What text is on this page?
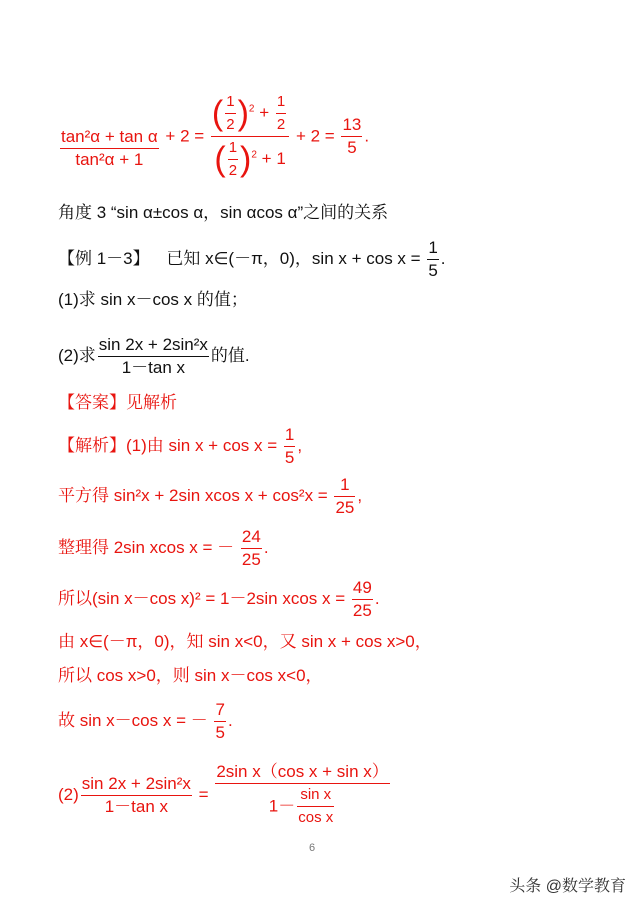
$\frac{\text{tan²α + tan α}}{\text{tan²α + 1}} + 2 = \frac{( \frac{1}{2} )^2 + \frac{1}{2}}{( \frac{1}{2} )^2 + 1} + 2 = \frac{13}{5}$ .
角度 3 “sin α±cos α，sin αcos α”之间的关系
【例 1－3】 已知 x∈(－π，0)，$\sin x + \cos x = \frac{1}{5}$ .
(1)求 sin x－cos x 的值；
(2)求 $\frac{\text{sin 2x + 2sin²x}}{\text{1－tan x}}$ 的值.
【答案】见解析
【解析】(1)由 $\sin x + \cos x = \frac{1}{5}$ ,
平方得 sin²x + 2sin xcos $x + \cos^2x = \frac{1}{25}$ ,
整理得 2sin xcos x = － $\frac{24}{25}$ .
所以(sin x－cos x)² = 1－2sin xcos $x = \frac{49}{25}$ .
由 x∈(－π，0)，知 sin x<0，又 sin x + cos x>0，
所以 cos x>0，则 sin x－cos x<0，
故 sin x－cos x = － $\frac{7}{5}$ .
$(2) \frac{\text{sin 2x + 2sin²x}}{\text{1－tan x}} = \frac{\text{2sin x（cos x + sin x）}}{1- \frac{\text{sin x}}{\text{cos x}}}$
6
头条 @数学教育
